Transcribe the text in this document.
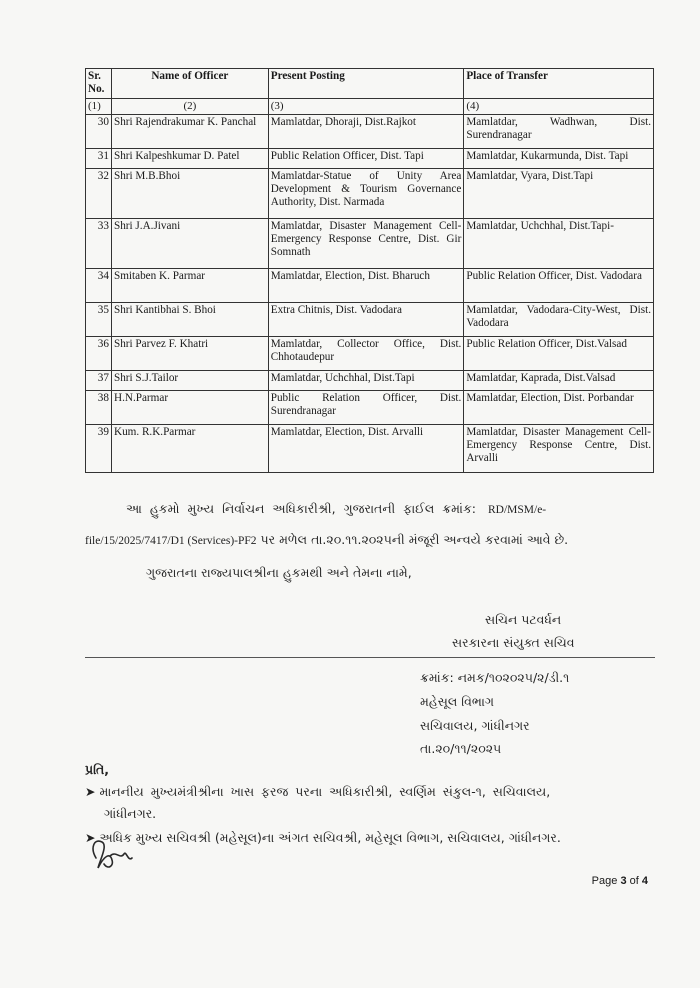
Sr. No.	Name of Officer	Present Posting	Place of Transfer
(1)	(2)	(3)	(4)
30	Shri Rajendrakumar K. Panchal	Mamlatdar, Dhoraji, Dist.Rajkot	Mamlatdar, Wadhwan, Dist. Surendranagar
31	Shri Kalpeshkumar D. Patel	Public Relation Officer, Dist. Tapi	Mamlatdar, Kukarmunda, Dist. Tapi
32	Shri M.B.Bhoi	Mamlatdar-Statue of Unity Area Development & Tourism Governance Authority, Dist. Narmada	Mamlatdar, Vyara, Dist.Tapi
33	Shri J.A.Jivani	Mamlatdar, Disaster Management Cell-Emergency Response Centre, Dist. Gir Somnath	Mamlatdar, Uchchhal, Dist.Tapi-
34	Smitaben K. Parmar	Mamlatdar, Election, Dist. Bharuch	Public Relation Officer, Dist. Vadodara
35	Shri Kantibhai S. Bhoi	Extra Chitnis, Dist. Vadodara	Mamlatdar, Vadodara-City-West, Dist. Vadodara
36	Shri Parvez F. Khatri	Mamlatdar, Collector Office, Dist. Chhotaudepur	Public Relation Officer, Dist.Valsad
37	Shri S.J.Tailor	Mamlatdar, Uchchhal, Dist.Tapi	Mamlatdar, Kaprada, Dist.Valsad
38	H.N.Parmar	Public Relation Officer, Dist. Surendranagar	Mamlatdar, Election, Dist. Porbandar
39	Kum. R.K.Parmar	Mamlatdar, Election, Dist. Arvalli	Mamlatdar, Disaster Management Cell-Emergency Response Centre, Dist. Arvalli
આ હુકમો મુખ્ય નિર્વાચન અધિકારીશ્રી, ગુજરાતની ફાઈલ ક્રમાંક: RD/MSM/e-
file/15/2025/7417/D1 (Services)-PF2 પર મળેલ તા.૨૦.૧૧.૨૦૨૫ની મંજૂરી અન્વયે કરવામાં આવે છે.
ગુજરાતના રાજ્યપાલશ્રીના હુકમથી અને તેમના નામે,
સચિન પટવર્ધન
સરકારના સંયુક્ત સચિવ
ક્રમાંક: નમક/૧૦૨૦૨૫/૨/ડી.૧
મહેસૂલ વિભાગ
સચિવાલય, ગાંધીનગર
તા.૨૦/૧૧/૨૦૨૫
પ્રતિ,
➤ માનનીય મુખ્યમંત્રીશ્રીના ખાસ ફરજ પરના અધિકારીશ્રી, સ્વર્ણિમ સંકુલ-૧, સચિવાલય,
ગાંધીનગર.
➤ અધિક મુખ્ય સચિવશ્રી (મહેસૂલ)ના અંગત સચિવશ્રી, મહેસૂલ વિભાગ, સચિવાલય, ગાંધીનગર.
Page 3 of 4
